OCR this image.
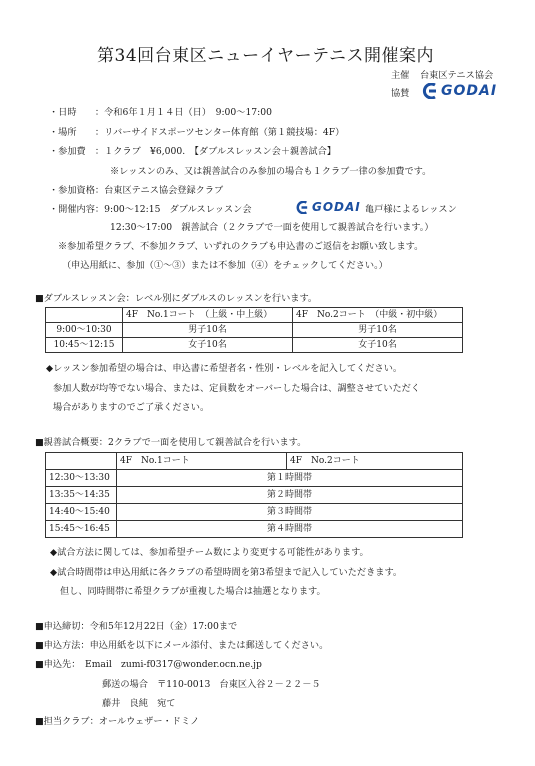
第34回台東区ニューイヤーテニス開催案内
主催 台東区テニス協会
協賛 GODAI
・日時　　：令和6年１月１４日（日）　9:00～17:00
・場所　　：リバーサイドスポーツセンター体育館（第１競技場：4F）
・参加費　：１クラブ　¥6,000.　【ダブルスレッスン会＋親善試合】
※レッスンのみ、又は親善試合のみ参加の場合も１クラブ一律の参加費です。
・参加資格：台東区テニス協会登録クラブ
・開催内容：9:00～12:15　ダブルスレッスン会	GODAI 亀戸様によるレッスン
12:30～17:00　親善試合（２クラブで一面を使用して親善試合を行います。）
※参加希望クラブ、不参加クラブ、いずれのクラブも申込書のご返信をお願い致します。
（申込用紙に、参加（①～③）または不参加（④）をチェックしてください。）
■ダブルスレッスン会：レベル別にダブルスのレッスンを行います。
	4F　No.1コート　（上級・中上級）	4F　No.2コート　（中級・初中級）
9:00～10:30	男子10名	男子10名
10:45～12:15	女子10名	女子10名
◆レッスン参加希望の場合は、申込書に希望者名・性別・レベルを記入してください。
参加人数が均等でない場合、または、定員数をオーバーした場合は、調整させていただく
場合がありますのでご了承ください。
■親善試合概要：2クラブで一面を使用して親善試合を行います。
	4F　No.1コート	4F　No.2コート
12:30～13:30	第１時間帯	
13:35～14:35	第２時間帯	
14:40～15:40	第３時間帯	
15:45～16:45	第４時間帯	
◆試合方法に関しては、参加希望チーム数により変更する可能性があります。
◆試合時間帯は申込用紙に各クラブの希望時間を第3希望まで記入していただきます。
但し、同時間帯に希望クラブが重複した場合は抽選となります。
■申込締切：令和5年12月22日（金）17:00まで
■申込方法：申込用紙を以下にメール添付、または郵送してください。
■申込先：　Email　zumi-f0317@wonder.ocn.ne.jp
郵送の場合　〒110-0013　台東区入谷２－２２－５
藤井　良純　宛て
■担当クラブ：オールウェザー・ドミノ
